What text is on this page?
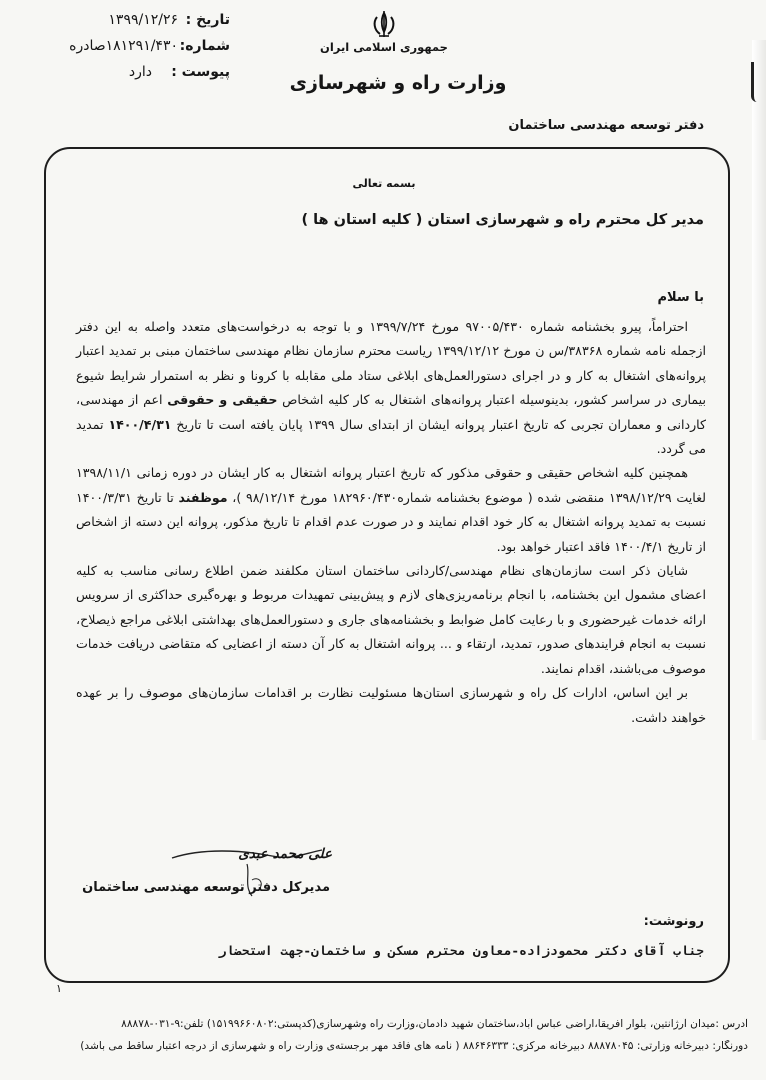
تاریخ :
۱۳۹۹/۱۲/۲۶
شماره:
۱۸۱۲۹۱/۴۳۰صادره
پیوست :
دارد
جمهوری اسلامی ایران
وزارت راه و شهرسازی
دفتر توسعه مهندسی ساختمان
بسمه تعالی
مدیر کل محترم راه و شهرسازی استان ( کلیه استان ها )
با سلام

احتراماً، پیرو بخشنامه شماره ۹۷۰۰۵/۴۳۰ مورخ ۱۳۹۹/۷/۲۴ و با توجه به درخواست‌های متعدد واصله به این دفتر ازجمله نامه شماره ۳۸۳۶۸/س ن مورخ ۱۳۹۹/۱۲/۱۲ ریاست محترم سازمان نظام مهندسی ساختمان مبنی بر تمدید اعتبار پروانه‌های اشتغال به کار و در اجرای دستورالعمل‌های ابلاغی ستاد ملی مقابله با کرونا و نظر به استمرار شرایط شیوع بیماری در سراسر کشور، بدینوسیله اعتبار پروانه‌های اشتغال به کار کلیه اشخاص حقیقی و حقوقی اعم از مهندسی، کاردانی و معماران تجربی که تاریخ اعتبار پروانه ایشان از ابتدای سال ۱۳۹۹ پایان یافته است تا تاریخ ۱۴۰۰/۴/۳۱ تمدید می گردد.

همچنین کلیه اشخاص حقیقی و حقوقی مذکور که تاریخ اعتبار پروانه اشتغال به کار ایشان در دوره زمانی ۱۳۹۸/۱۱/۱ لغایت ۱۳۹۸/۱۲/۲۹ منقضی شده ( موضوع بخشنامه شماره۱۸۲۹۶۰/۴۳۰ مورخ ۹۸/۱۲/۱۴ )، موظفند تا تاریخ ۱۴۰۰/۳/۳۱ نسبت به تمدید پروانه اشتغال به کار خود اقدام نمایند و در صورت عدم اقدام تا تاریخ مذکور، پروانه این دسته از اشخاص از تاریخ ۱۴۰۰/۴/۱ فاقد اعتبار خواهد بود.

شایان ذکر است سازمان‌های نظام مهندسی/کاردانی ساختمان استان مکلفند ضمن اطلاع رسانی مناسب به کلیه اعضای مشمول این بخشنامه، با انجام برنامه‌ریزی‌های لازم و پیش‌بینی تمهیدات مربوط و بهره‌گیری حداکثری از سرویس ارائه خدمات غیرحضوری و با رعایت کامل ضوابط و بخشنامه‌های جاری و دستورالعمل‌های بهداشتی ابلاغی مراجع ذیصلاح، نسبت به انجام فرایندهای صدور، تمدید، ارتقاء و ... پروانه اشتغال به کار آن دسته از اعضایی که متقاضی دریافت خدمات موصوف می‌باشند، اقدام نمایند.

بر این اساس، ادارات کل راه و شهرسازی استان‌ها مسئولیت نظارت بر اقدامات سازمان‌های موصوف را بر عهده خواهند داشت.

علی محمد عبدی
مدیرکل دفتر توسعه مهندسی ساختمان
رونوشت:
جناب آقای دکتر محمودزاده-معاون محترم مسکن و ساختمان-جهت استحضار
۱
آدرس :میدان آرژانتین، بلوار افریقا،اراضی عباس آباد،ساختمان شهید دادمان،وزارت راه وشهرسازی(کدپستی:۱۵۱۹۹۶۶۰۸۰۲) تلفن:۹-۰۳۱-۸۸۸۷۸
دورنگار: دبیرخانه وزارتی: ۸۸۸۷۸۰۴۵ دبیرخانه مرکزی: ۸۸۶۴۶۳۳۳ ( نامه های فاقد مهر برجسته‌ی وزارت راه و شهرسازی از درجه اعتبار ساقط می باشد)
